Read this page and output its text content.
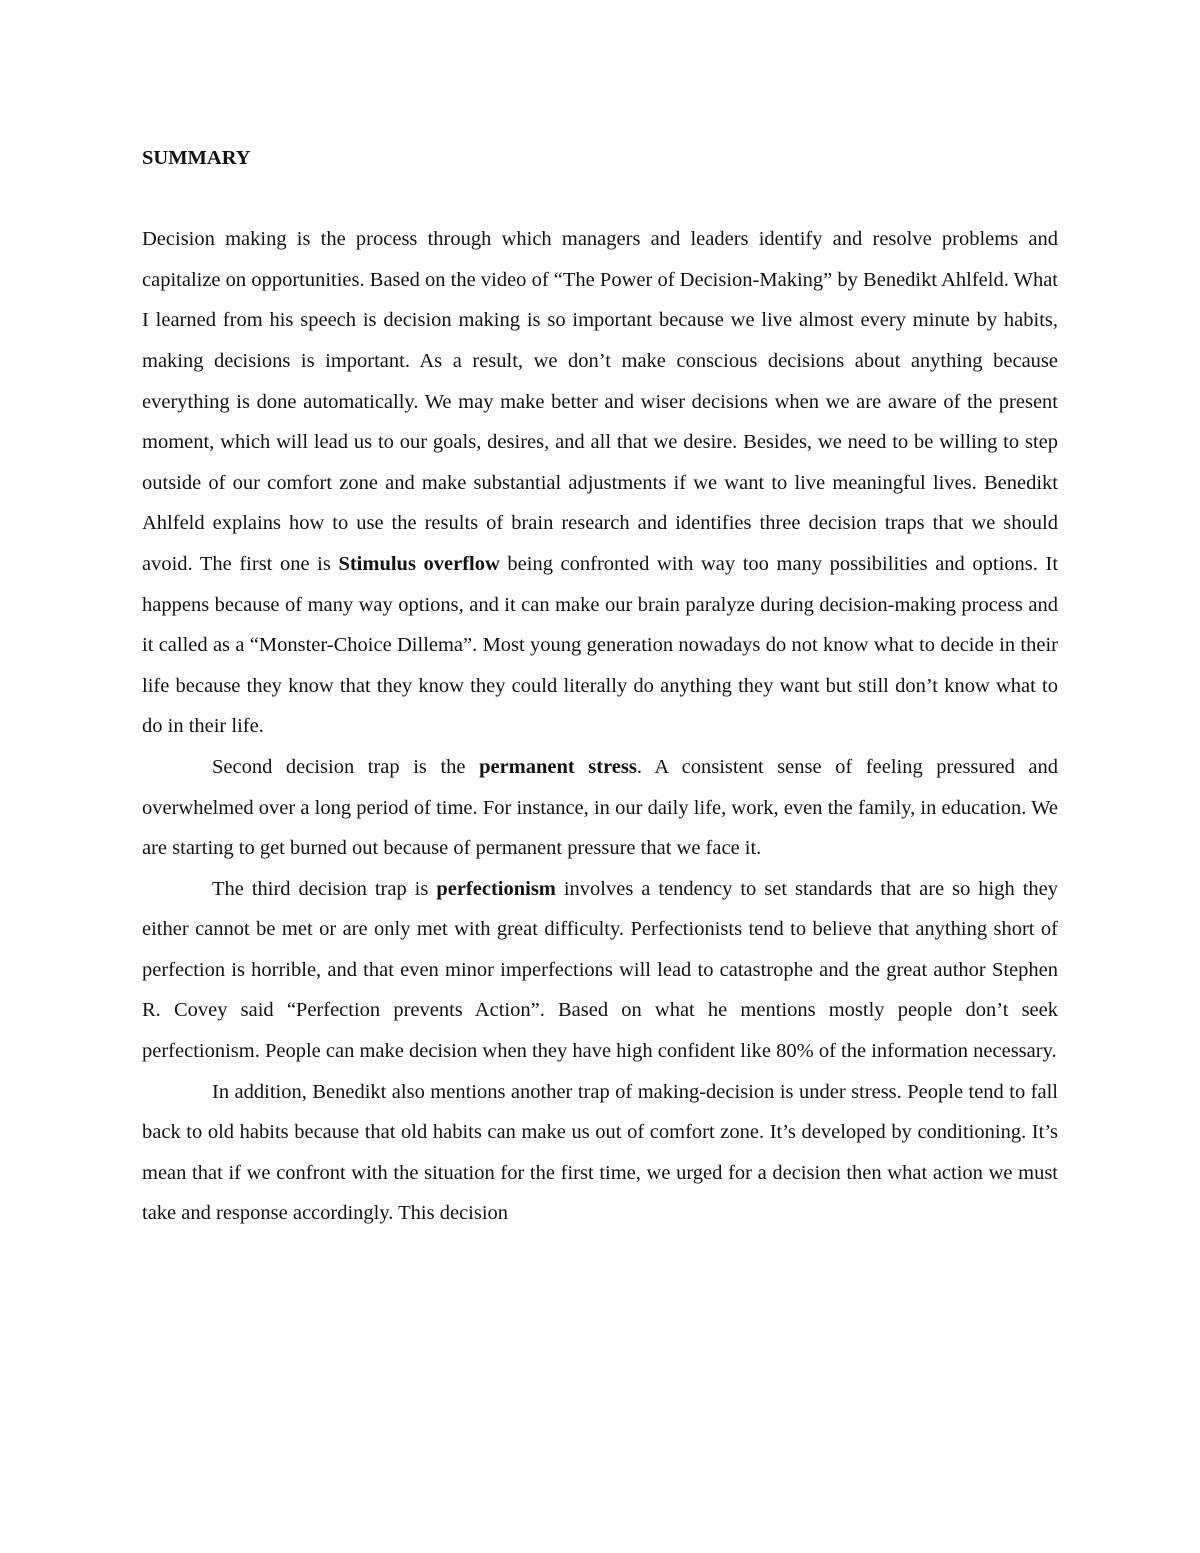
SUMMARY

Decision making is the process through which managers and leaders identify and resolve problems and capitalize on opportunities. Based on the video of “The Power of Decision-Making” by Benedikt Ahlfeld. What I learned from his speech is decision making is so important because we live almost every minute by habits, making decisions is important. As a result, we don’t make conscious decisions about anything because everything is done automatically. We may make better and wiser decisions when we are aware of the present moment, which will lead us to our goals, desires, and all that we desire. Besides, we need to be willing to step outside of our comfort zone and make substantial adjustments if we want to live meaningful lives. Benedikt Ahlfeld explains how to use the results of brain research and identifies three decision traps that we should avoid. The first one is Stimulus overflow being confronted with way too many possibilities and options. It happens because of many way options, and it can make our brain paralyze during decision-making process and it called as a “Monster-Choice Dillema”. Most young generation nowadays do not know what to decide in their life because they know that they know they could literally do anything they want but still don’t know what to do in their life.

Second decision trap is the permanent stress. A consistent sense of feeling pressured and overwhelmed over a long period of time. For instance, in our daily life, work, even the family, in education. We are starting to get burned out because of permanent pressure that we face it.

The third decision trap is perfectionism involves a tendency to set standards that are so high they either cannot be met or are only met with great difficulty. Perfectionists tend to believe that anything short of perfection is horrible, and that even minor imperfections will lead to catastrophe and the great author Stephen R. Covey said “Perfection prevents Action”. Based on what he mentions mostly people don’t seek perfectionism. People can make decision when they have high confident like 80% of the information necessary.

In addition, Benedikt also mentions another trap of making-decision is under stress. People tend to fall back to old habits because that old habits can make us out of comfort zone. It’s developed by conditioning. It’s mean that if we confront with the situation for the first time, we urged for a decision then what action we must take and response accordingly. This decision
